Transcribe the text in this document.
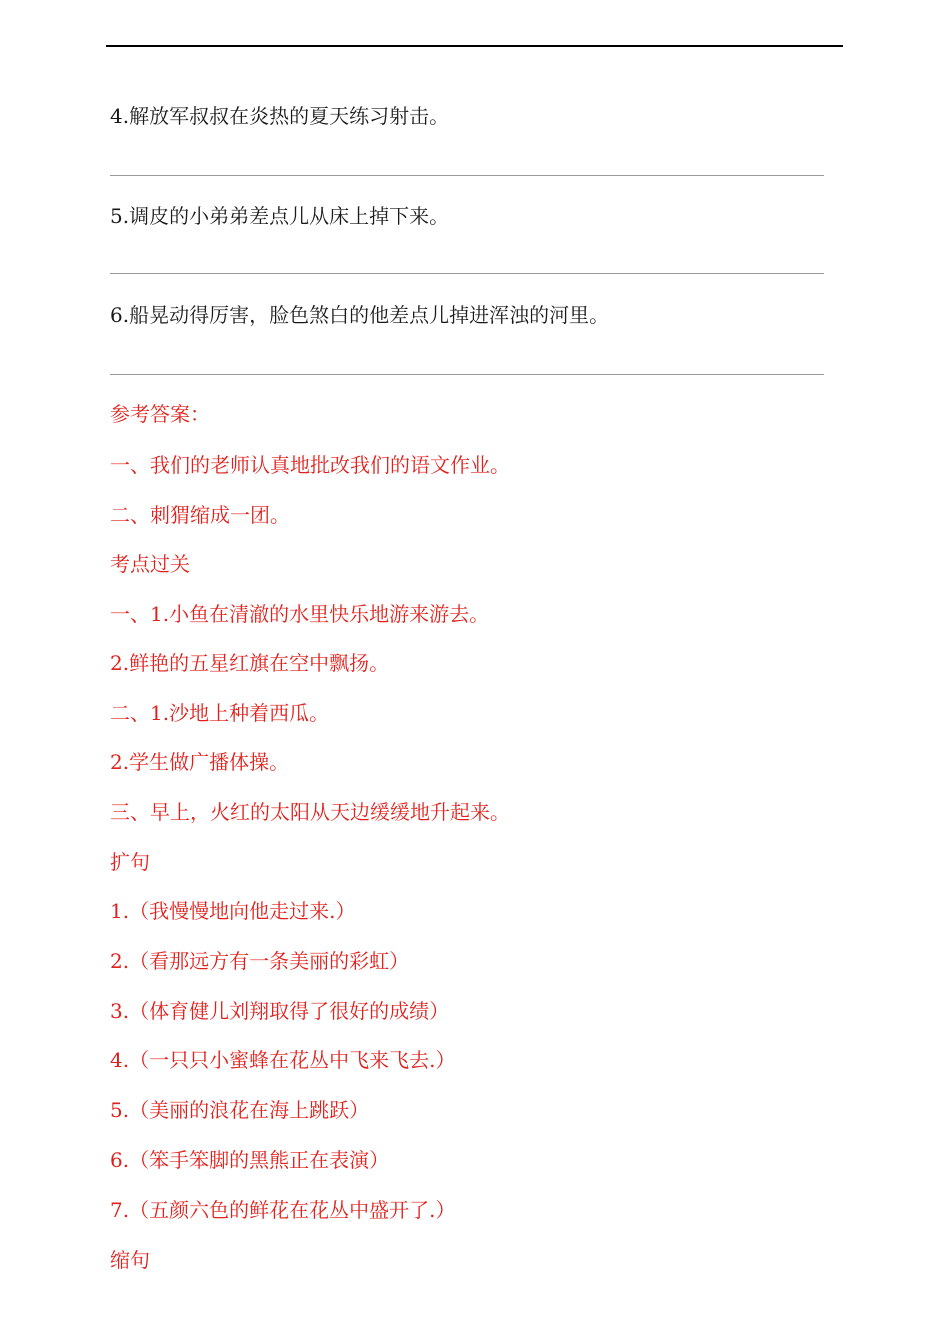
4.解放军叔叔在炎热的夏天练习射击。
5.调皮的小弟弟差点儿从床上掉下来。
6.船晃动得厉害，脸色煞白的他差点儿掉进浑浊的河里。
参考答案：
一、我们的老师认真地批改我们的语文作业。
二、刺猬缩成一团。
考点过关
一、1.小鱼在清澈的水里快乐地游来游去。
2.鲜艳的五星红旗在空中飘扬。
二、1.沙地上种着西瓜。
2.学生做广播体操。
三、早上，火红的太阳从天边缓缓地升起来。
扩句
1.（我慢慢地向他走过来.）
2.（看那远方有一条美丽的彩虹）
3.（体育健儿刘翔取得了很好的成绩）
4.（一只只小蜜蜂在花丛中飞来飞去.）
5.（美丽的浪花在海上跳跃）
6.（笨手笨脚的黑熊正在表演）
7.（五颜六色的鲜花在花丛中盛开了.）
缩句
